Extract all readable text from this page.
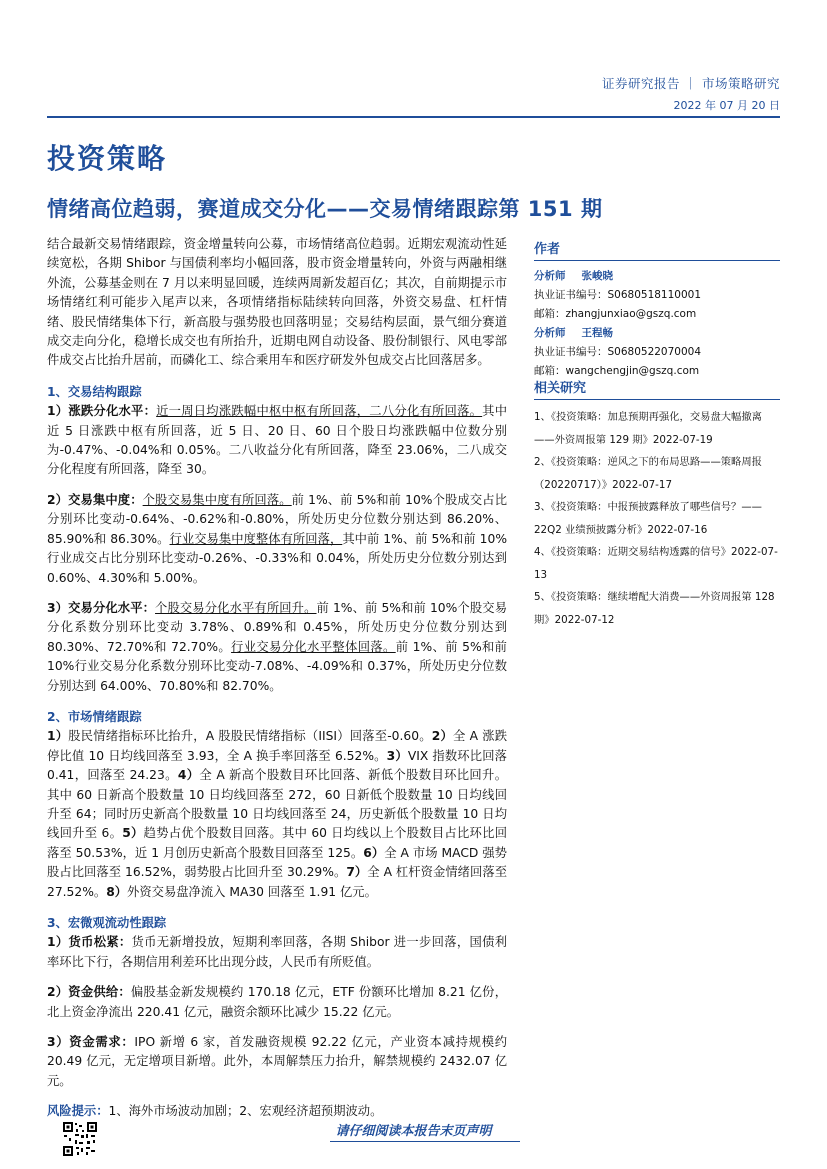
证券研究报告 ｜ 市场策略研究
2022 年 07 月 20 日
投资策略
情绪高位趋弱，赛道成交分化——交易情绪跟踪第 151 期

结合最新交易情绪跟踪，资金增量转向公募，市场情绪高位趋弱。近期宏观流动性延续宽松，各期 Shibor 与国债利率均小幅回落，股市资金增量转向，外资与两融相继外流，公募基金则在 7 月以来明显回暖，连续两周新发超百亿；其次，自前期提示市场情绪红利可能步入尾声以来，各项情绪指标陆续转向回落，外资交易盘、杠杆情绪、股民情绪集体下行，新高股与强势股也回落明显；交易结构层面，景气细分赛道成交走向分化，稳增长成交也有所抬升，近期电网自动设备、股份制银行、风电零部件成交占比抬升居前，而磷化工、综合乘用车和医疗研发外包成交占比回落居多。

1、交易结构跟踪

1）涨跌分化水平：近一周日均涨跌幅中枢中枢有所回落，二八分化有所回落。其中近 5 日涨跌中枢有所回落，近 5 日、20 日、60 日个股日均涨跌幅中位数分别为-0.47%、-0.04%和 0.05%。二八收益分化有所回落，降至 23.06%，二八成交分化程度有所回落，降至 30。

2）交易集中度：个股交易集中度有所回落。前 1%、前 5%和前 10%个股成交占比分别环比变动-0.64%、-0.62%和-0.80%，所处历史分位数分别达到 86.20%、85.90%和 86.30%。行业交易集中度整体有所回落，其中前 1%、前 5%和前 10%行业成交占比分别环比变动-0.26%、-0.33%和 0.04%，所处历史分位数分别达到 0.60%、4.30%和 5.00%。

3）交易分化水平：个股交易分化水平有所回升。前 1%、前 5%和前 10%个股交易分化系数分别环比变动 3.78%、0.89%和 0.45%，所处历史分位数分别达到 80.30%、72.70%和 72.70%。行业交易分化水平整体回落。前 1%、前 5%和前 10%行业交易分化系数分别环比变动-7.08%、-4.09%和 0.37%，所处历史分位数分别达到 64.00%、70.80%和 82.70%。

2、市场情绪跟踪

1）股民情绪指标环比抬升，A 股股民情绪指标（IISI）回落至-0.60。2）全 A 涨跌停比值 10 日均线回落至 3.93，全 A 换手率回落至 6.52%。3）VIX 指数环比回落 0.41，回落至 24.23。4）全 A 新高个股数目环比回落、新低个股数目环比回升。其中 60 日新高个股数量 10 日均线回落至 272，60 日新低个股数量 10 日均线回升至 64；同时历史新高个股数量 10 日均线回落至 24，历史新低个股数量 10 日均线回升至 6。5）趋势占优个股数目回落。其中 60 日均线以上个股数目占比环比回落至 50.53%，近 1 月创历史新高个股数目回落至 125。6）全 A 市场 MACD 强势股占比回落至 16.52%，弱势股占比回升至 30.29%。7）全 A 杠杆资金情绪回落至 27.52%。8）外资交易盘净流入 MA30 回落至 1.91 亿元。

3、宏微观流动性跟踪

1）货币松紧：货币无新增投放，短期利率回落，各期 Shibor 进一步回落，国债利率环比下行，各期信用利差环比出现分歧，人民币有所贬值。

2）资金供给：偏股基金新发规模约 170.18 亿元，ETF 份额环比增加 8.21 亿份，北上资金净流出 220.41 亿元，融资余额环比减少 15.22 亿元。

3）资金需求：IPO 新增 6 家，首发融资规模 92.22 亿元，产业资本减持规模约 20.49 亿元，无定增项目新增。此外，本周解禁压力抬升，解禁规模约 2432.07 亿元。

风险提示：1、海外市场波动加剧；2、宏观经济超预期波动。

作者
分析师 张峻晓
执业证书编号：S0680518110001
邮箱：zhangjunxiao@gszq.com
分析师 王程畅
执业证书编号：S0680522070004
邮箱：wangchengjin@gszq.com
相关研究
1、《投资策略：加息预期再强化，交易盘大幅撤离——外资周报第 129 期》2022-07-19
2、《投资策略：逆风之下的布局思路——策略周报（20220717）》2022-07-17
3、《投资策略：中报预披露释放了哪些信号？——22Q2 业绩预披露分析》2022-07-16
4、《投资策略：近期交易结构透露的信号》2022-07-13
5、《投资策略：继续增配大消费——外资周报第 128 期》2022-07-12
请仔细阅读本报告末页声明
